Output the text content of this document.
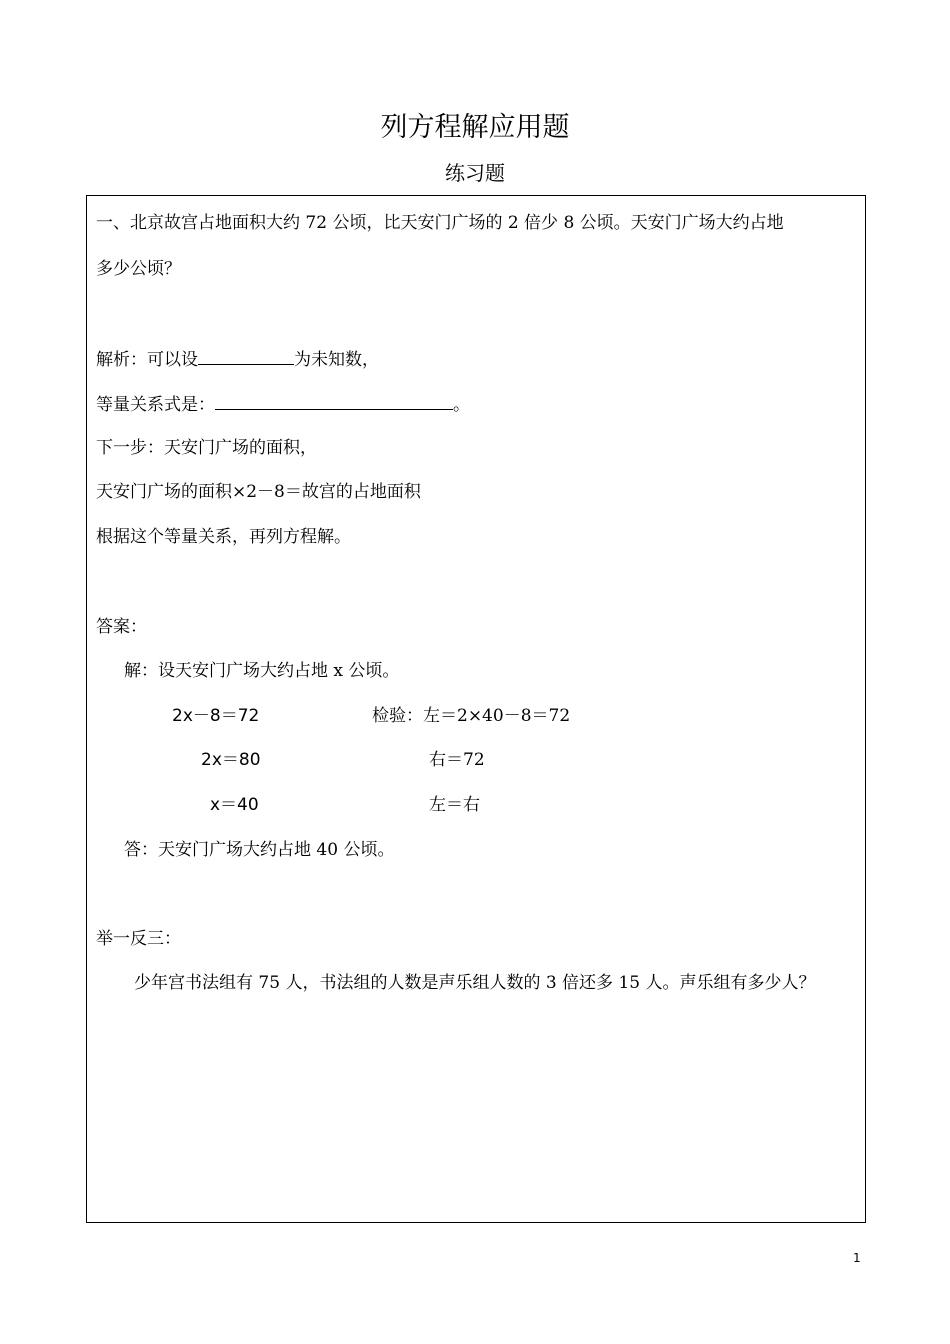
列方程解应用题
练习题
一、北京故宫占地面积大约 72 公顷，比天安门广场的 2 倍少 8 公顷。天安门广场大约占地
多少公顷？
解析：可以设	为未知数，
等量关系式是：	。
下一步：天安门广场的面积，
天安门广场的面积×2－8＝故宫的占地面积
根据这个等量关系，再列方程解。
答案：
解：设天安门广场大约占地 x 公顷。
2x－8＝72
2x＝80
x＝40
检验：左＝2×40－8＝72
右＝72
左＝右
答：天安门广场大约占地 40 公顷。
举一反三：
少年宫书法组有 75 人，书法组的人数是声乐组人数的 3 倍还多 15 人。声乐组有多少人？
1
